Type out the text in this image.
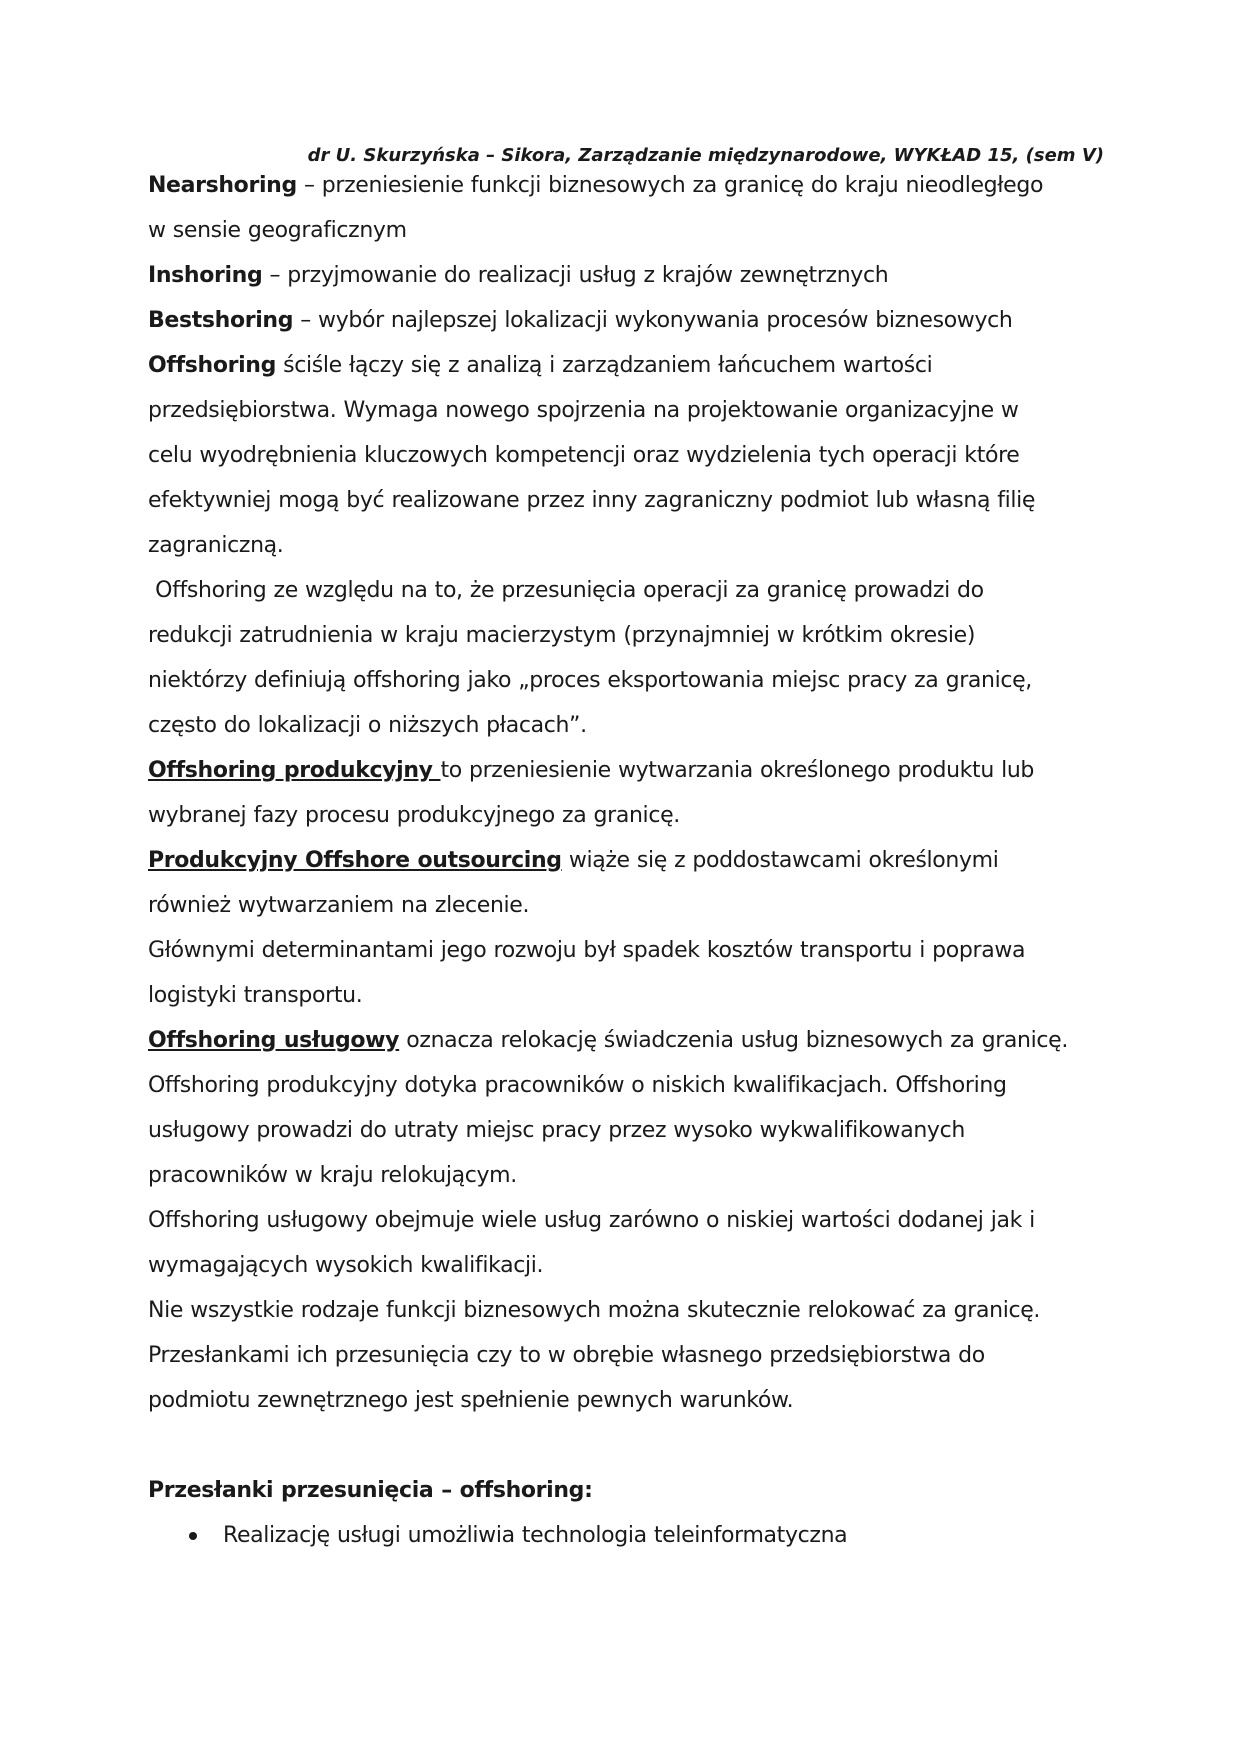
dr U. Skurzyńska – Sikora, Zarządzanie międzynarodowe, WYKŁAD 15, (sem V)
Nearshoring – przeniesienie funkcji biznesowych za granicę do kraju nieodległego
w sensie geograficznym
Inshoring – przyjmowanie do realizacji usług z krajów zewnętrznych
Bestshoring – wybór najlepszej lokalizacji wykonywania procesów biznesowych
Offshoring ściśle łączy się z analizą i zarządzaniem łańcuchem wartości
przedsiębiorstwa. Wymaga nowego spojrzenia na projektowanie organizacyjne w
celu wyodrębnienia kluczowych kompetencji oraz wydzielenia tych operacji które
efektywniej mogą być realizowane przez inny zagraniczny podmiot lub własną filię
zagraniczną.
Offshoring ze względu na to, że przesunięcia operacji za granicę prowadzi do
redukcji zatrudnienia w kraju macierzystym (przynajmniej w krótkim okresie)
niektórzy definiują offshoring jako „proces eksportowania miejsc pracy za granicę,
często do lokalizacji o niższych płacach”.
Offshoring produkcyjny to przeniesienie wytwarzania określonego produktu lub
wybranej fazy procesu produkcyjnego za granicę.
Produkcyjny Offshore outsourcing wiąże się z poddostawcami określonymi
również wytwarzaniem na zlecenie.
Głównymi determinantami jego rozwoju był spadek kosztów transportu i poprawa
logistyki transportu.
Offshoring usługowy oznacza relokację świadczenia usług biznesowych za granicę.
Offshoring produkcyjny dotyka pracowników o niskich kwalifikacjach. Offshoring
usługowy prowadzi do utraty miejsc pracy przez wysoko wykwalifikowanych
pracowników w kraju relokującym.
Offshoring usługowy obejmuje wiele usług zarówno o niskiej wartości dodanej jak i
wymagających wysokich kwalifikacji.
Nie wszystkie rodzaje funkcji biznesowych można skutecznie relokować za granicę.
Przesłankami ich przesunięcia czy to w obrębie własnego przedsiębiorstwa do
podmiotu zewnętrznego jest spełnienie pewnych warunków.
Przesłanki przesunięcia – offshoring:
Realizację usługi umożliwia technologia teleinformatyczna
